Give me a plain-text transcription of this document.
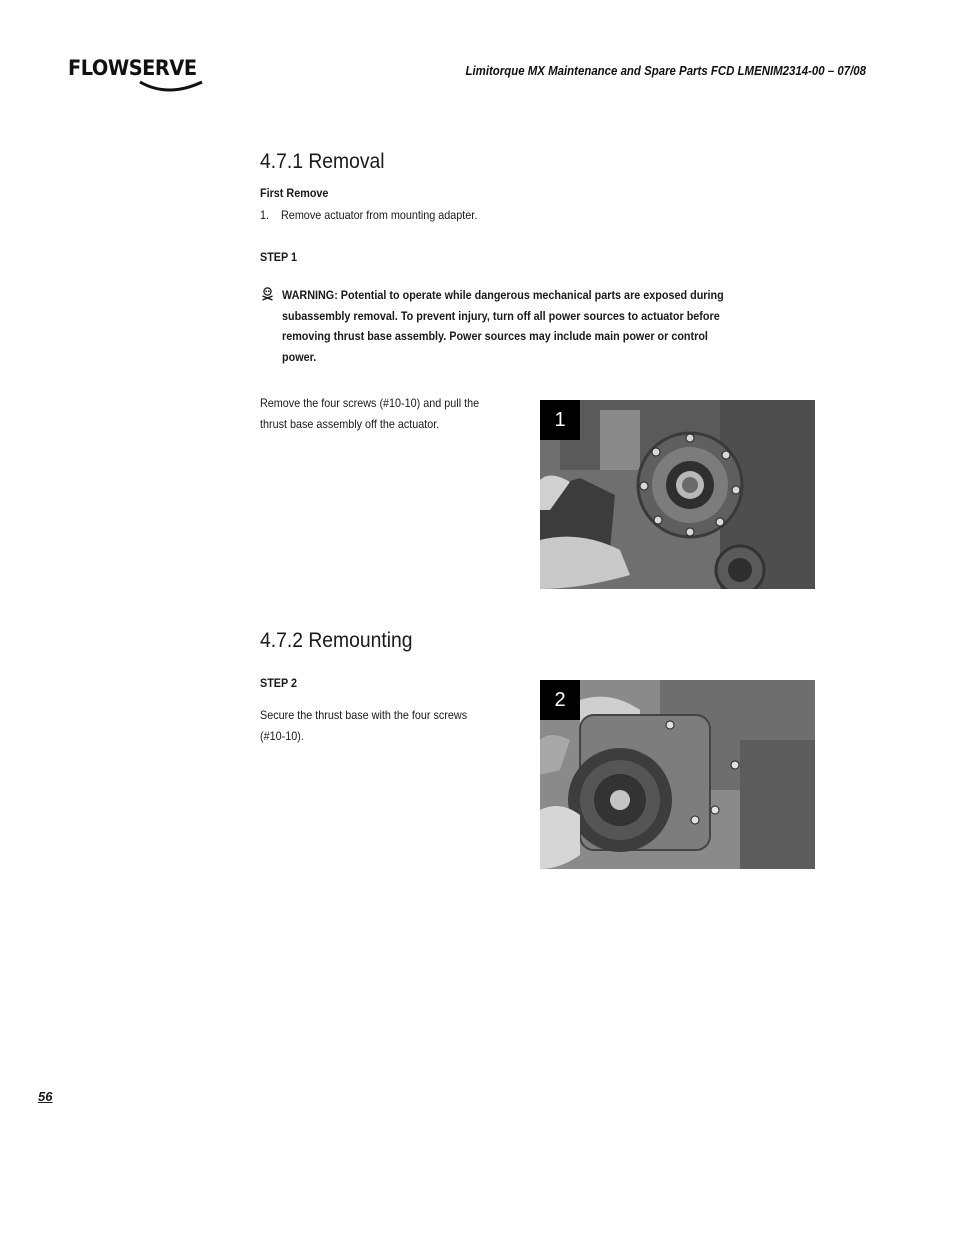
FLOWSERVE	Limitorque MX Maintenance and Spare Parts FCD LMENIM2314-00 – 07/08
4.7.1 Removal
First Remove
1.    Remove actuator from mounting adapter.
STEP 1
WARNING: Potential to operate while dangerous mechanical parts are exposed during
subassembly removal. To prevent injury, turn off all power sources to actuator before
removing thrust base assembly. Power sources may include main power or control
power.
Remove the four screws (#10-10) and pull the
thrust base assembly off the actuator.	1
4.7.2 Remounting
STEP 2
Secure the thrust base with the four screws
(#10-10).
2
56
